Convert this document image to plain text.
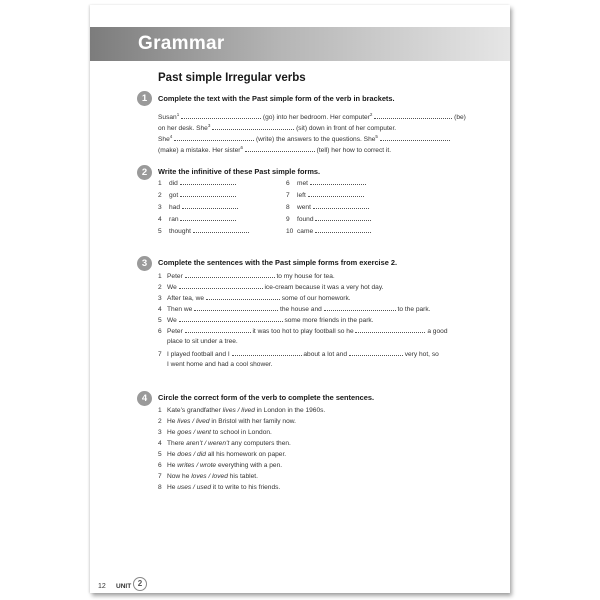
Grammar
Past simple Irregular verbs
1	Complete the text with the Past simple form of the verb in brackets.
Susan$^1$	(go) into her bedroom. Her computer$^2$	(be)
on her desk. She$^3$	(sit) down in front of her computer.
She$^4$	(write) the answers to the questions. She$^5$
(make) a mistake. Her sister$^6$	(tell) her how to correct it.
2	Write the infinitive of these Past simple forms.
1 did
2 got
3 had
4 ran
5 thought
6 met
7 left
8 went
9 found
10 came
3	Complete the sentences with the Past simple forms from exercise 2.
1 Peter	to my house for tea.
2 We	ice-cream because it was a very hot day.
3 After tea, we	some of our homework.
4 Then we	the house and	to the park.
5 We	some more friends in the park.
6 Peter	it was too hot to play football so he	a good
place to sit under a tree.
7 I played football and I	about a lot and	very hot, so
I went home and had a cool shower.
4	Circle the correct form of the verb to complete the sentences.
1 Kate’s grandfather lives / lived in London in the 1960s.
2 He lives / lived in Bristol with her family now.
3 He goes / went to school in London.
4 There aren’t / weren’t any computers then.
5 He does / did all his homework on paper.
6 He writes / wrote everything with a pen.
7 Now he loves / loved his tablet.
8 He uses / used it to write to his friends.
12 UNIT 2
